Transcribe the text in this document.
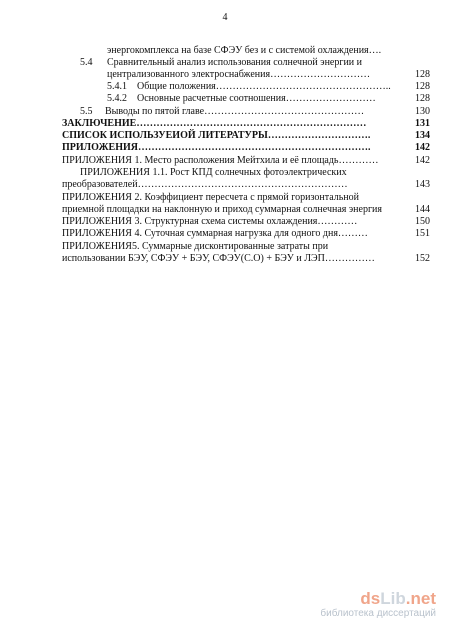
4
энергокомплекса на базе СФЭУ без и с системой охлаждения….
5.4 Сравнительный анализ использования солнечной энергии и
централизованного электроснабжения…………………………	128
5.4.1 Общие положения……………………………………………..	128
5.4.2 Основные расчетные соотношения………………………	128
5.5 Выводы по пятой главе…………………………………………	130
ЗАКЛЮЧЕНИЕ……………………………………………………………	131
СПИСОК ИСПОЛЬЗУЕИОЙ ЛИТЕРАТУРЫ………………………….	134
ПРИЛОЖЕНИЯ…………………………………………………………….	142
ПРИЛОЖЕНИЯ 1. Место расположения Мейтхила и её площадь…………	142
ПРИЛОЖЕНИЯ 1.1. Рост КПД солнечных фотоэлектрических
преобразователей………………………………………………………	143
ПРИЛОЖЕНИЯ 2. Коэффициент пересчета с прямой горизонтальной
приемной площадки на наклонную и приход суммарная солнечная энергия	144
ПРИЛОЖЕНИЯ 3. Структурная схема системы охлаждения…………	150
ПРИЛОЖЕНИЯ 4. Суточная суммарная нагрузка для одного дня………	151
ПРИЛОЖЕНИЯ5. Суммарные дисконтированные затраты при
использовании БЭУ, СФЭУ + БЭУ, СФЭУ(С.О) + БЭУ и ЛЭП……………	152
dsLib.net
библиотека диссертаций
